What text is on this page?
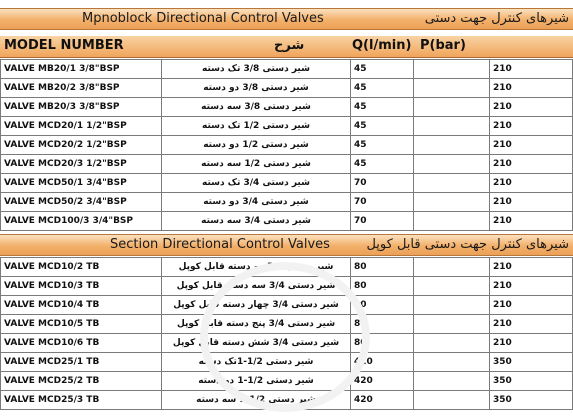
Mpnoblock Directional Control Valves	شیرهای کنترل جهت دستی
MODEL NUMBER	شرح	Q(l/min) P(bar)
VALVE MB20/1 3/8"BSP	شیر دستی 3/8 تک دسته	45		210
VALVE MB20/2 3/8"BSP	شیر دستی 3/8 دو دسته	45		210
VALVE MB20/3 3/8"BSP	شیر دستی 3/8 سه دسته	45		210
VALVE MCD20/1 1/2"BSP	شیر دستی 1/2 تک دسته	45		210
VALVE MCD20/2 1/2"BSP	شیر دستی 1/2 دو دسته	45		210
VALVE MCD20/3 1/2"BSP	شیر دستی 1/2 سه دسته	45		210
VALVE MCD50/1 3/4"BSP	شیر دستی 3/4 تک دسته	70		210
VALVE MCD50/2 3/4"BSP	شیر دستی 3/4 دو دسته	70		210
VALVE MCD100/3 3/4"BSP	شیر دستی 3/4 سه دسته	70		210
Section Directional Control Valves	شیرهای کنترل جهت دستی قابل کوپل
VALVE MCD10/2 TB	شیر دستی 3/4 دو دسته قابل کوپل	80		210
VALVE MCD10/3 TB	شیر دستی 3/4 سه دسته قابل کوپل	80		210
VALVE MCD10/4 TB	شیر دستی 3/4 چهار دسته قابل کوپل	80		210
VALVE MCD10/5 TB	شیر دستی 3/4 پنج دسته قابل کوپل	80		210
VALVE MCD10/6 TB	شیر دستی 3/4 شش دسته قابل کوپل	80		210
VALVE MCD25/1 TB	شیر دستی 1/2-1تک دسته	420		350
VALVE MCD25/2 TB	شیر دستی 1/2-1 دو دسته	420		350
VALVE MCD25/3 TB	شیر دستی 1/2-1 سه دسته	420		350
